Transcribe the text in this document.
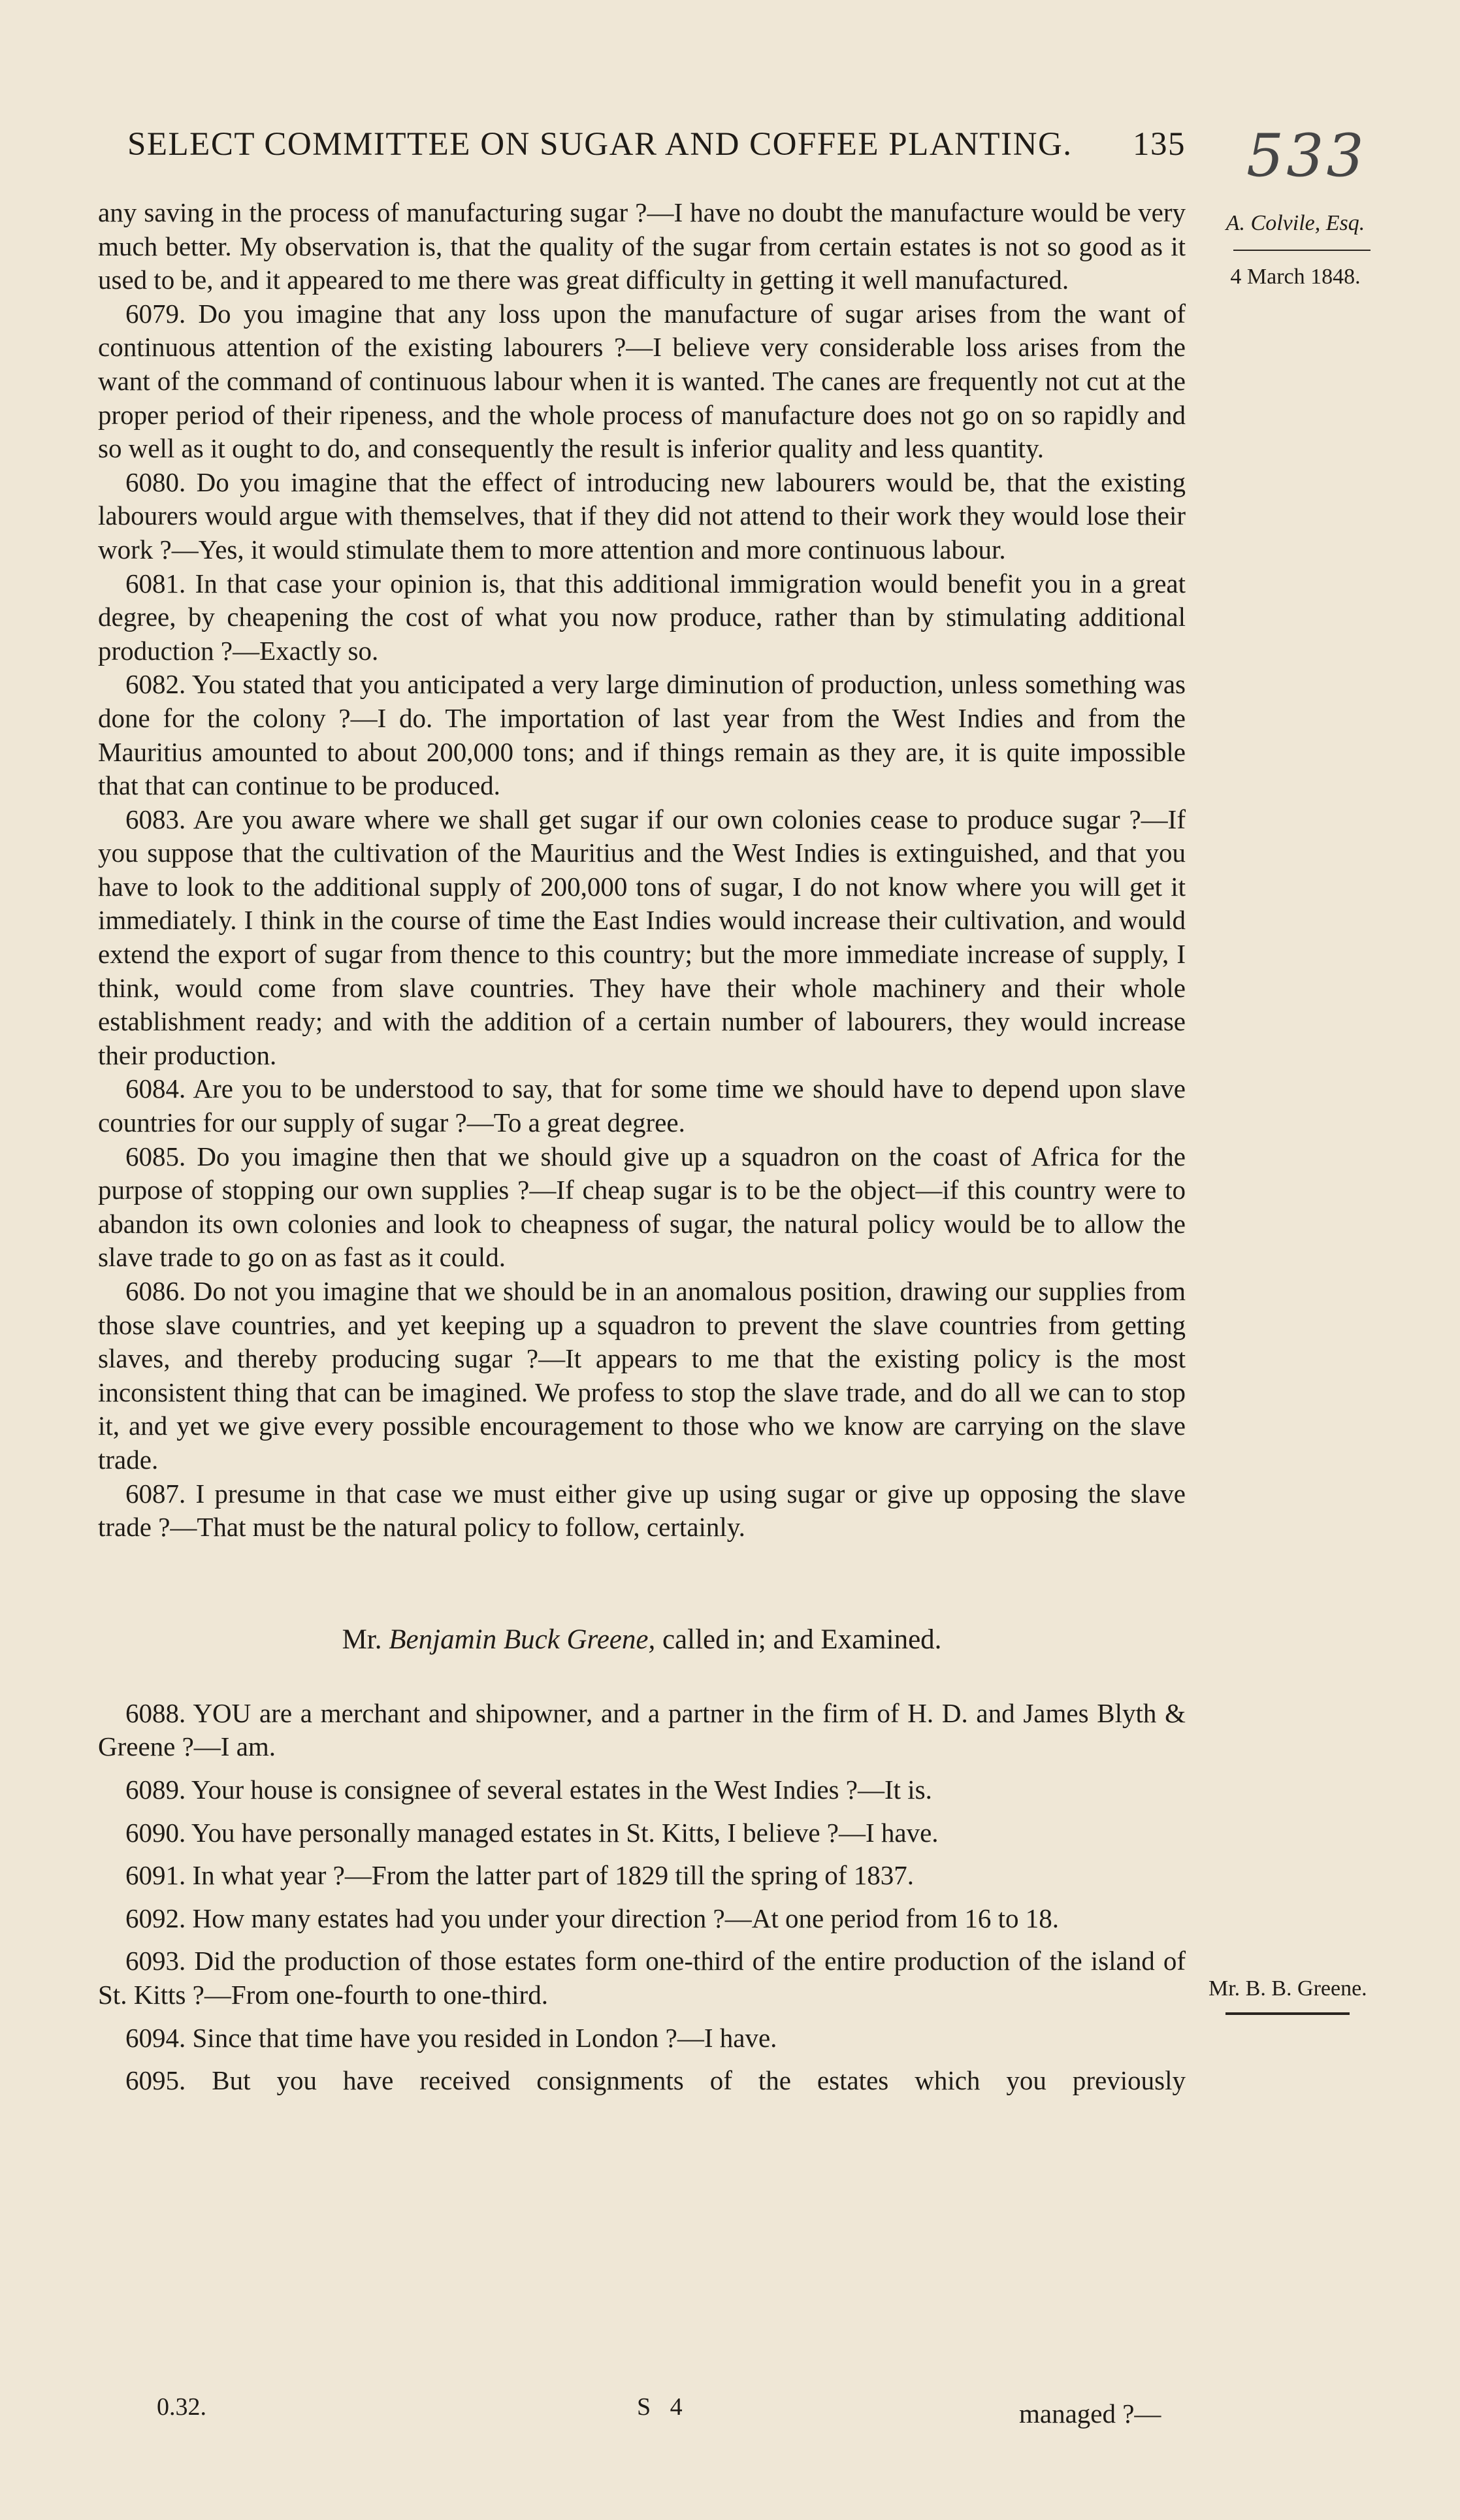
SELECT COMMITTEE ON SUGAR AND COFFEE PLANTING. 135 533
A. Colvile, Esq.
4 March 1848.
Mr. B. B. Greene.

any saving in the process of manufacturing sugar ?—I have no doubt the manufacture would be very much better. My observation is, that the quality of the sugar from certain estates is not so good as it used to be, and it appeared to me there was great difficulty in getting it well manufactured.

6079. Do you imagine that any loss upon the manufacture of sugar arises from the want of continuous attention of the existing labourers ?—I believe very considerable loss arises from the want of the command of continuous labour when it is wanted. The canes are frequently not cut at the proper period of their ripeness, and the whole process of manufacture does not go on so rapidly and so well as it ought to do, and consequently the result is inferior quality and less quantity.

6080. Do you imagine that the effect of introducing new labourers would be, that the existing labourers would argue with themselves, that if they did not attend to their work they would lose their work ?—Yes, it would stimulate them to more attention and more continuous labour.

6081. In that case your opinion is, that this additional immigration would benefit you in a great degree, by cheapening the cost of what you now produce, rather than by stimulating additional production ?—Exactly so.

6082. You stated that you anticipated a very large diminution of production, unless something was done for the colony ?—I do. The importation of last year from the West Indies and from the Mauritius amounted to about 200,000 tons; and if things remain as they are, it is quite impossible that that can continue to be produced.

6083. Are you aware where we shall get sugar if our own colonies cease to produce sugar ?—If you suppose that the cultivation of the Mauritius and the West Indies is extinguished, and that you have to look to the additional supply of 200,000 tons of sugar, I do not know where you will get it immediately. I think in the course of time the East Indies would increase their cultivation, and would extend the export of sugar from thence to this country; but the more immediate increase of supply, I think, would come from slave countries. They have their whole machinery and their whole establishment ready; and with the addition of a certain number of labourers, they would increase their production.

6084. Are you to be understood to say, that for some time we should have to depend upon slave countries for our supply of sugar ?—To a great degree.

6085. Do you imagine then that we should give up a squadron on the coast of Africa for the purpose of stopping our own supplies ?—If cheap sugar is to be the object—if this country were to abandon its own colonies and look to cheapness of sugar, the natural policy would be to allow the slave trade to go on as fast as it could.

6086. Do not you imagine that we should be in an anomalous position, drawing our supplies from those slave countries, and yet keeping up a squadron to prevent the slave countries from getting slaves, and thereby producing sugar ?—It appears to me that the existing policy is the most inconsistent thing that can be imagined. We profess to stop the slave trade, and do all we can to stop it, and yet we give every possible encouragement to those who we know are carrying on the slave trade.

6087. I presume in that case we must either give up using sugar or give up opposing the slave trade ?—That must be the natural policy to follow, certainly.

Mr. Benjamin Buck Greene, called in; and Examined.

6088. YOU are a merchant and shipowner, and a partner in the firm of H. D. and James Blyth & Greene ?—I am.

6089. Your house is consignee of several estates in the West Indies ?—It is.

6090. You have personally managed estates in St. Kitts, I believe ?—I have.

6091. In what year ?—From the latter part of 1829 till the spring of 1837.

6092. How many estates had you under your direction ?—At one period from 16 to 18.

6093. Did the production of those estates form one-third of the entire production of the island of St. Kitts ?—From one-fourth to one-third.

6094. Since that time have you resided in London ?—I have.

6095. But you have received consignments of the estates which you previously

0.32.	S 4	managed ?—
